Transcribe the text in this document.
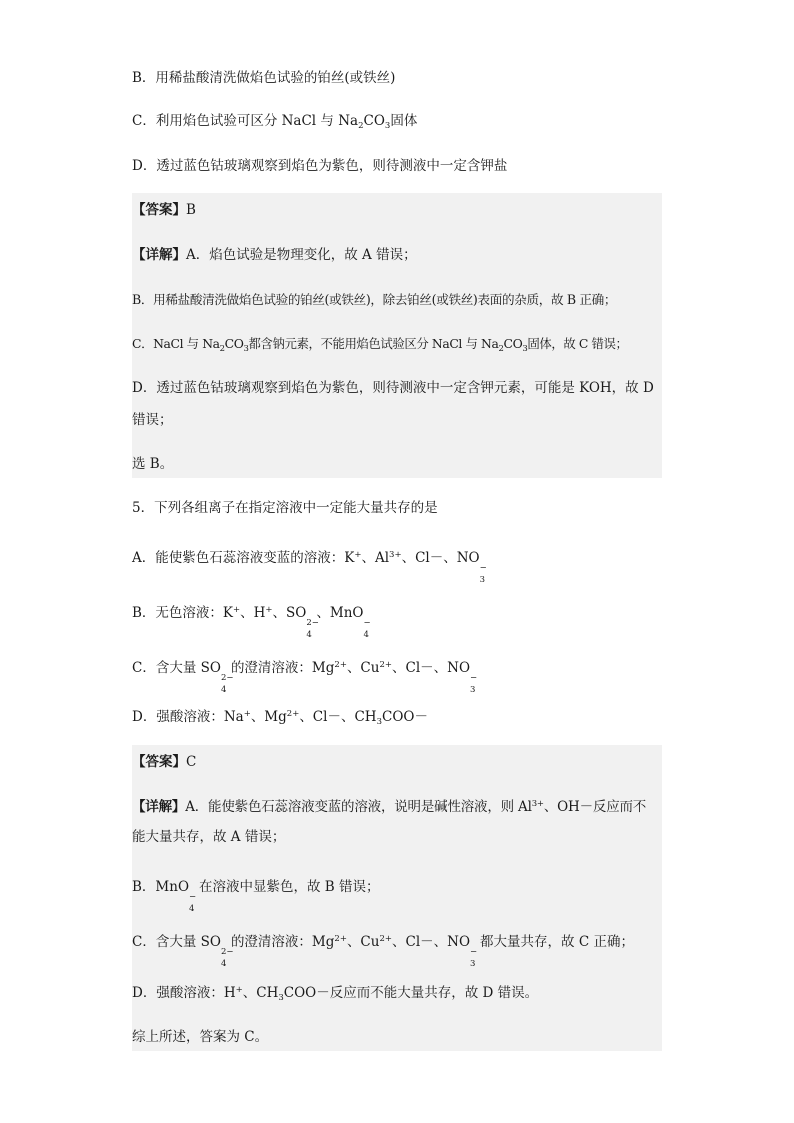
B．用稀盐酸清洗做焰色试验的铂丝(或铁丝)
C．利用焰色试验可区分 NaCl 与 $Na_2CO_3$固体
D．透过蓝色钴玻璃观察到焰色为紫色，则待测液中一定含钾盐
【答案】B
【详解】A．焰色试验是物理变化，故 A 错误；
B．用稀盐酸清洗做焰色试验的铂丝(或铁丝)，除去铂丝(或铁丝)表面的杂质，故 B 正确；
C．NaCl 与 $Na_2CO_3$都含钠元素，不能用焰色试验区分 NaCl 与 $Na_2CO_3$固体，故 C 错误；
D．透过蓝色钴玻璃观察到焰色为紫色，则待测液中一定含钾元素，可能是 KOH，故 D
错误；
选 B。
5．下列各组离子在指定溶液中一定能大量共存的是
A．能使紫色石蕊溶液变蓝的溶液：K+、$Al^{3+}$、Cl－、NO
−
3
B．无色溶液：K+、H+、SO
2−
4
、MnO
−
4
C．含大量 SO
2−
4
的澄清溶液：$Mg^{2+}$、$Cu^{2+}$、Cl－、NO
−
3
D．强酸溶液：Na+、$Mg^{2+}$、Cl－、$CH_3COO-$
【答案】C
【详解】A．能使紫色石蕊溶液变蓝的溶液，说明是碱性溶液，则 $Al^{3+}$、OH－反应而不
能大量共存，故 A 错误；
B．MnO
−
4
在溶液中显紫色，故 B 错误；
C．含大量 SO
2−
4
的澄清溶液：$Mg^{2+}$、$Cu^{2+}$、Cl－、NO
−
3
都大量共存，故 C 正确；
D．强酸溶液：H+、$CH_3COO-$反应而不能大量共存，故 D 错误。
综上所述，答案为 C。
